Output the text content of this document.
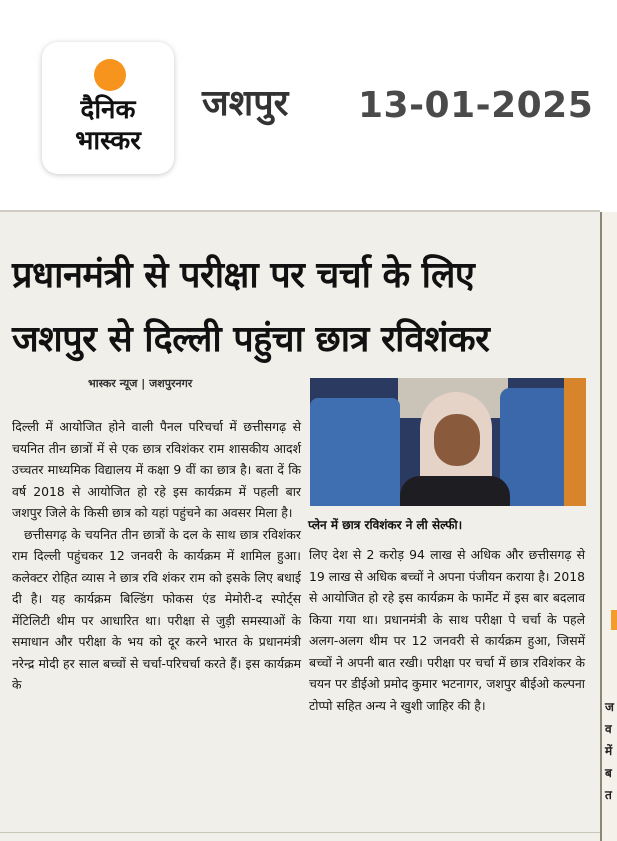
दैनिक
भास्कर
जशपुर 13-01-2025
प्रधानमंत्री से परीक्षा पर चर्चा के लिए
जशपुर से दिल्ली पहुंचा छात्र रविशंकर
भास्कर न्यूज | जशपुरनगर
प्लेन में छात्र रविशंकर ने ली सेल्फी।

दिल्ली में आयोजित होने वाली पैनल परिचर्चा में छत्तीसगढ़ से चयनित तीन छात्रों में से एक छात्र रविशंकर राम शासकीय आदर्श उच्चतर माध्यमिक विद्यालय में कक्षा 9 वीं का छात्र है। बता दें कि वर्ष 2018 से आयोजित हो रहे इस कार्यक्रम में पहली बार जशपुर जिले के किसी छात्र को यहां पहुंचने का अवसर मिला है।

छत्तीसगढ़ के चयनित तीन छात्रों के दल के साथ छात्र रविशंकर राम दिल्ली पहुंचकर 12 जनवरी के कार्यक्रम में शामिल हुआ। कलेक्टर रोहित व्यास ने छात्र रवि शंकर राम को इसके लिए बधाई दी है। यह कार्यक्रम बिल्डिंग फोकस एंड मेमोरी-द स्पोर्ट्स मेंटिलिटी थीम पर आधारित था। परीक्षा से जुड़ी समस्याओं के समाधान और परीक्षा के भय को दूर करने भारत के प्रधानमंत्री नरेन्द्र मोदी हर साल बच्चों से चर्चा-परिचर्चा करते हैं। इस कार्यक्रम के

लिए देश से 2 करोड़ 94 लाख से अधिक और छत्तीसगढ़ से 19 लाख से अधिक बच्चों ने अपना पंजीयन कराया है। 2018 से आयोजित हो रहे इस कार्यक्रम के फार्मेट में इस बार बदलाव किया गया था। प्रधानमंत्री के साथ परीक्षा पे चर्चा के पहले अलग-अलग थीम पर 12 जनवरी से कार्यक्रम हुआ, जिसमें बच्चों ने अपनी बात रखी। परीक्षा पर चर्चा में छात्र रविशंकर के चयन पर डीईओ प्रमोद कुमार भटनागर, जशपुर बीईओ कल्पना टोप्पो सहित अन्य ने खुशी जाहिर की है।	ज
व
में
ब
त
